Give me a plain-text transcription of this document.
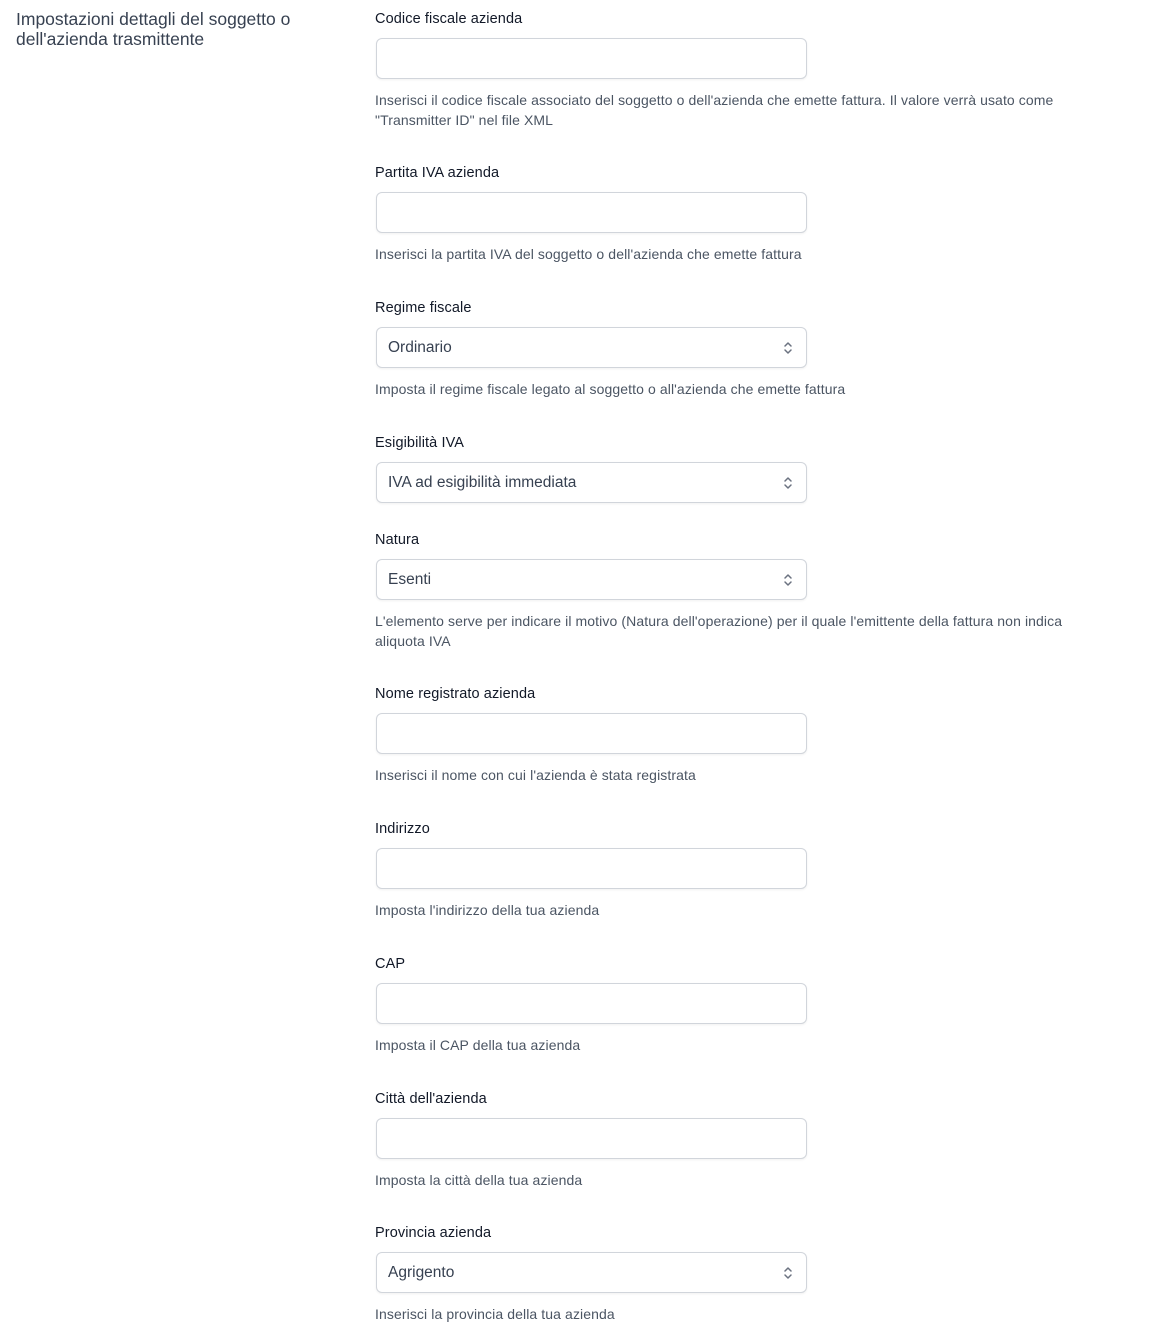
Impostazioni dettagli del soggetto o dell'azienda trasmittente

Codice fiscale azienda

Inserisci il codice fiscale associato del soggetto o dell'azienda che emette fattura. Il valore verrà usato come "Transmitter ID" nel file XML

Partita IVA azienda

Inserisci la partita IVA del soggetto o dell'azienda che emette fattura

Regime fiscale

Ordinario

Imposta il regime fiscale legato al soggetto o all'azienda che emette fattura

Esigibilità IVA

IVA ad esigibilità immediata

Natura

Esenti

L'elemento serve per indicare il motivo (Natura dell'operazione) per il quale l'emittente della fattura non indica aliquota IVA

Nome registrato azienda

Inserisci il nome con cui l'azienda è stata registrata

Indirizzo

Imposta l'indirizzo della tua azienda

CAP

Imposta il CAP della tua azienda

Città dell'azienda

Imposta la città della tua azienda

Provincia azienda

Agrigento

Inserisci la provincia della tua azienda
